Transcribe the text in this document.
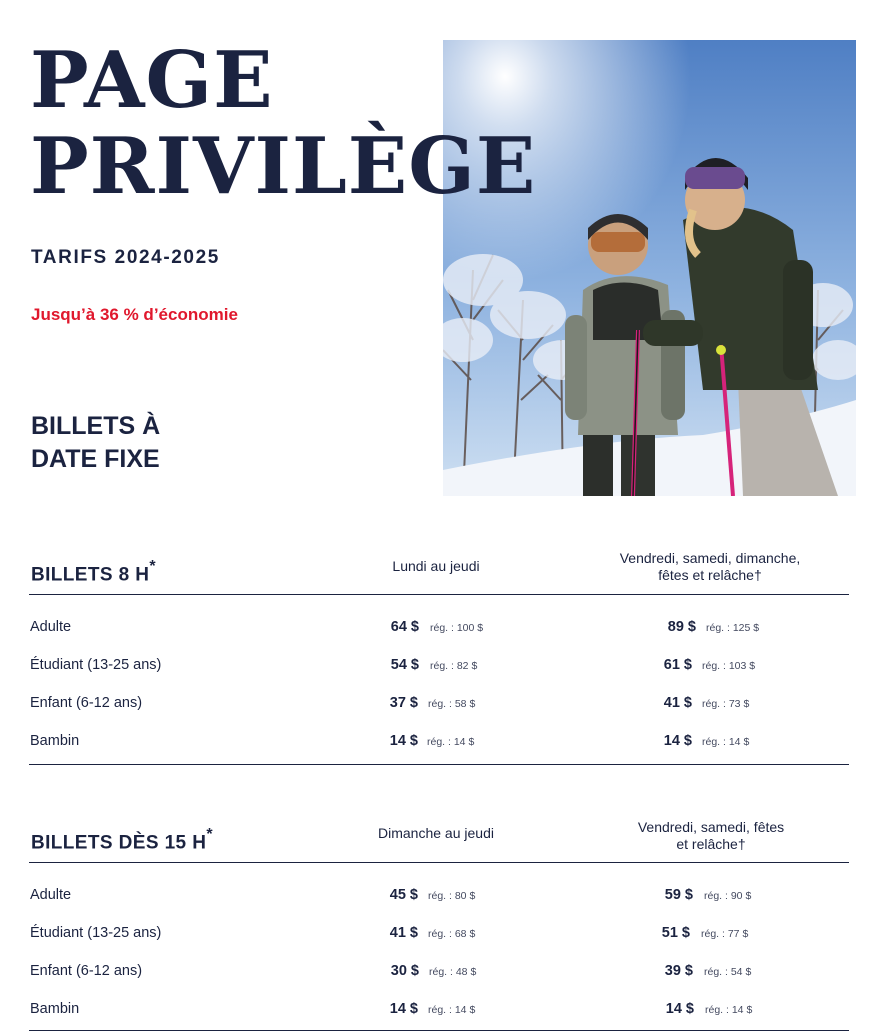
PAGE
PRIVILÈGE
TARIFS 2024-2025
Jusqu’à 36 % d’économie
BILLETS À
DATE FIXE
BILLETS 8 H*	Lundi au jeudi	Vendredi, samedi, dimanche,
fêtes et relâche†
Adulte	64 $ rég. : 100 $	89 $ rég. : 125 $
Étudiant (13-25 ans)	54 $ rég. : 82 $	61 $ rég. : 103 $
Enfant (6-12 ans)	37 $ rég. : 58 $	41 $ rég. : 73 $
Bambin	14 $ rég. : 14 $	14 $ rég. : 14 $
BILLETS DÈS 15 H*	Dimanche au jeudi	Vendredi, samedi, fêtes
et relâche†
Adulte	45 $ rég. : 80 $	59 $ rég. : 90 $
Étudiant (13-25 ans)	41 $ rég. : 68 $	51 $ rég. : 77 $
Enfant (6-12 ans)	30 $ rég. : 48 $	39 $ rég. : 54 $
Bambin	14 $ rég. : 14 $	14 $ rég. : 14 $
